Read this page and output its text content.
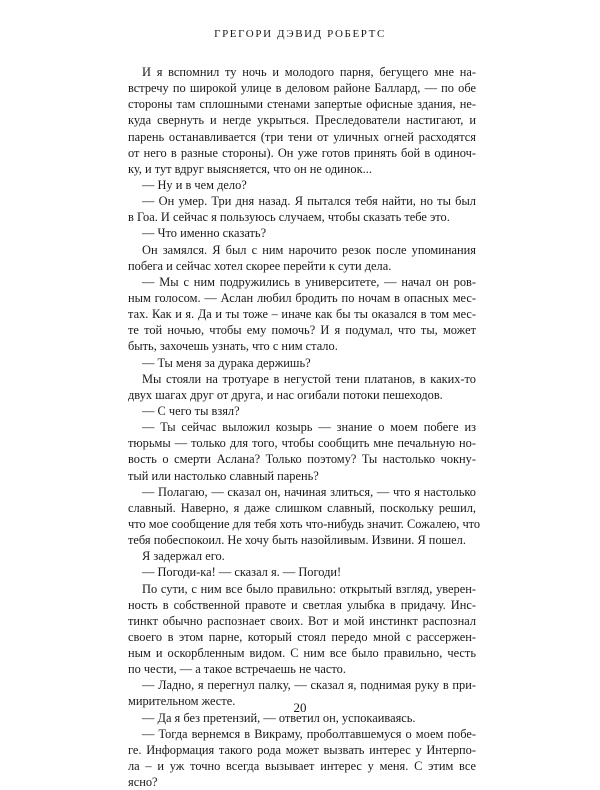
ГРЕГОРИ ДЭВИД РОБЕРТС
И я вспомнил ту ночь и молодого парня, бегущего мне на-
встречу по широкой улице в деловом районе Баллард, — по обе
стороны там сплошными стенами запертые офисные здания, не-
куда свернуть и негде укрыться. Преследователи настигают, и
парень останавливается (три тени от уличных огней расходятся
от него в разные стороны). Он уже готов принять бой в одиноч-
ку, и тут вдруг выясняется, что он не одинок...
— Ну и в чем дело?
— Он умер. Три дня назад. Я пытался тебя найти, но ты был
в Гоа. И сейчас я пользуюсь случаем, чтобы сказать тебе это.
— Что именно сказать?
Он замялся. Я был с ним нарочито резок после упоминания
побега и сейчас хотел скорее перейти к сути дела.
— Мы с ним подружились в университете, — начал он ров-
ным голосом. — Аслан любил бродить по ночам в опасных мес-
тах. Как и я. Да и ты тоже – иначе как бы ты оказался в том мес-
те той ночью, чтобы ему помочь? И я подумал, что ты, может
быть, захочешь узнать, что с ним стало.
— Ты меня за дурака держишь?
Мы стояли на тротуаре в негустой тени платанов, в каких-то
двух шагах друг от друга, и нас огибали потоки пешеходов.
— С чего ты взял?
— Ты сейчас выложил козырь — знание о моем побеге из
тюрьмы — только для того, чтобы сообщить мне печальную но-
вость о смерти Аслана? Только поэтому? Ты настолько чокну-
тый или настолько славный парень?
— Полагаю, — сказал он, начиная злиться, — что я настолько
славный. Наверно, я даже слишком славный, поскольку решил,
что мое сообщение для тебя хоть что-нибудь значит. Сожалею, что
тебя побеспокоил. Не хочу быть назойливым. Извини. Я пошел.
Я задержал его.
— Погоди-ка! — сказал я. — Погоди!
По сути, с ним все было правильно: открытый взгляд, уверен-
ность в собственной правоте и светлая улыбка в придачу. Инс-
тинкт обычно распознает своих. Вот и мой инстинкт распознал
своего в этом парне, который стоял передо мной с рассержен-
ным и оскорбленным видом. С ним все было правильно, честь
по чести, — а такое встречаешь не часто.
— Ладно, я перегнул палку, — сказал я, поднимая руку в при-
мирительном жесте.
— Да я без претензий, — ответил он, успокаиваясь.
— Тогда вернемся в Викраму, проболтавшемуся о моем побе-
ге. Информация такого рода может вызвать интерес у Интерпо-
ла – и уж точно всегда вызывает интерес у меня. С этим все
ясно?
20
